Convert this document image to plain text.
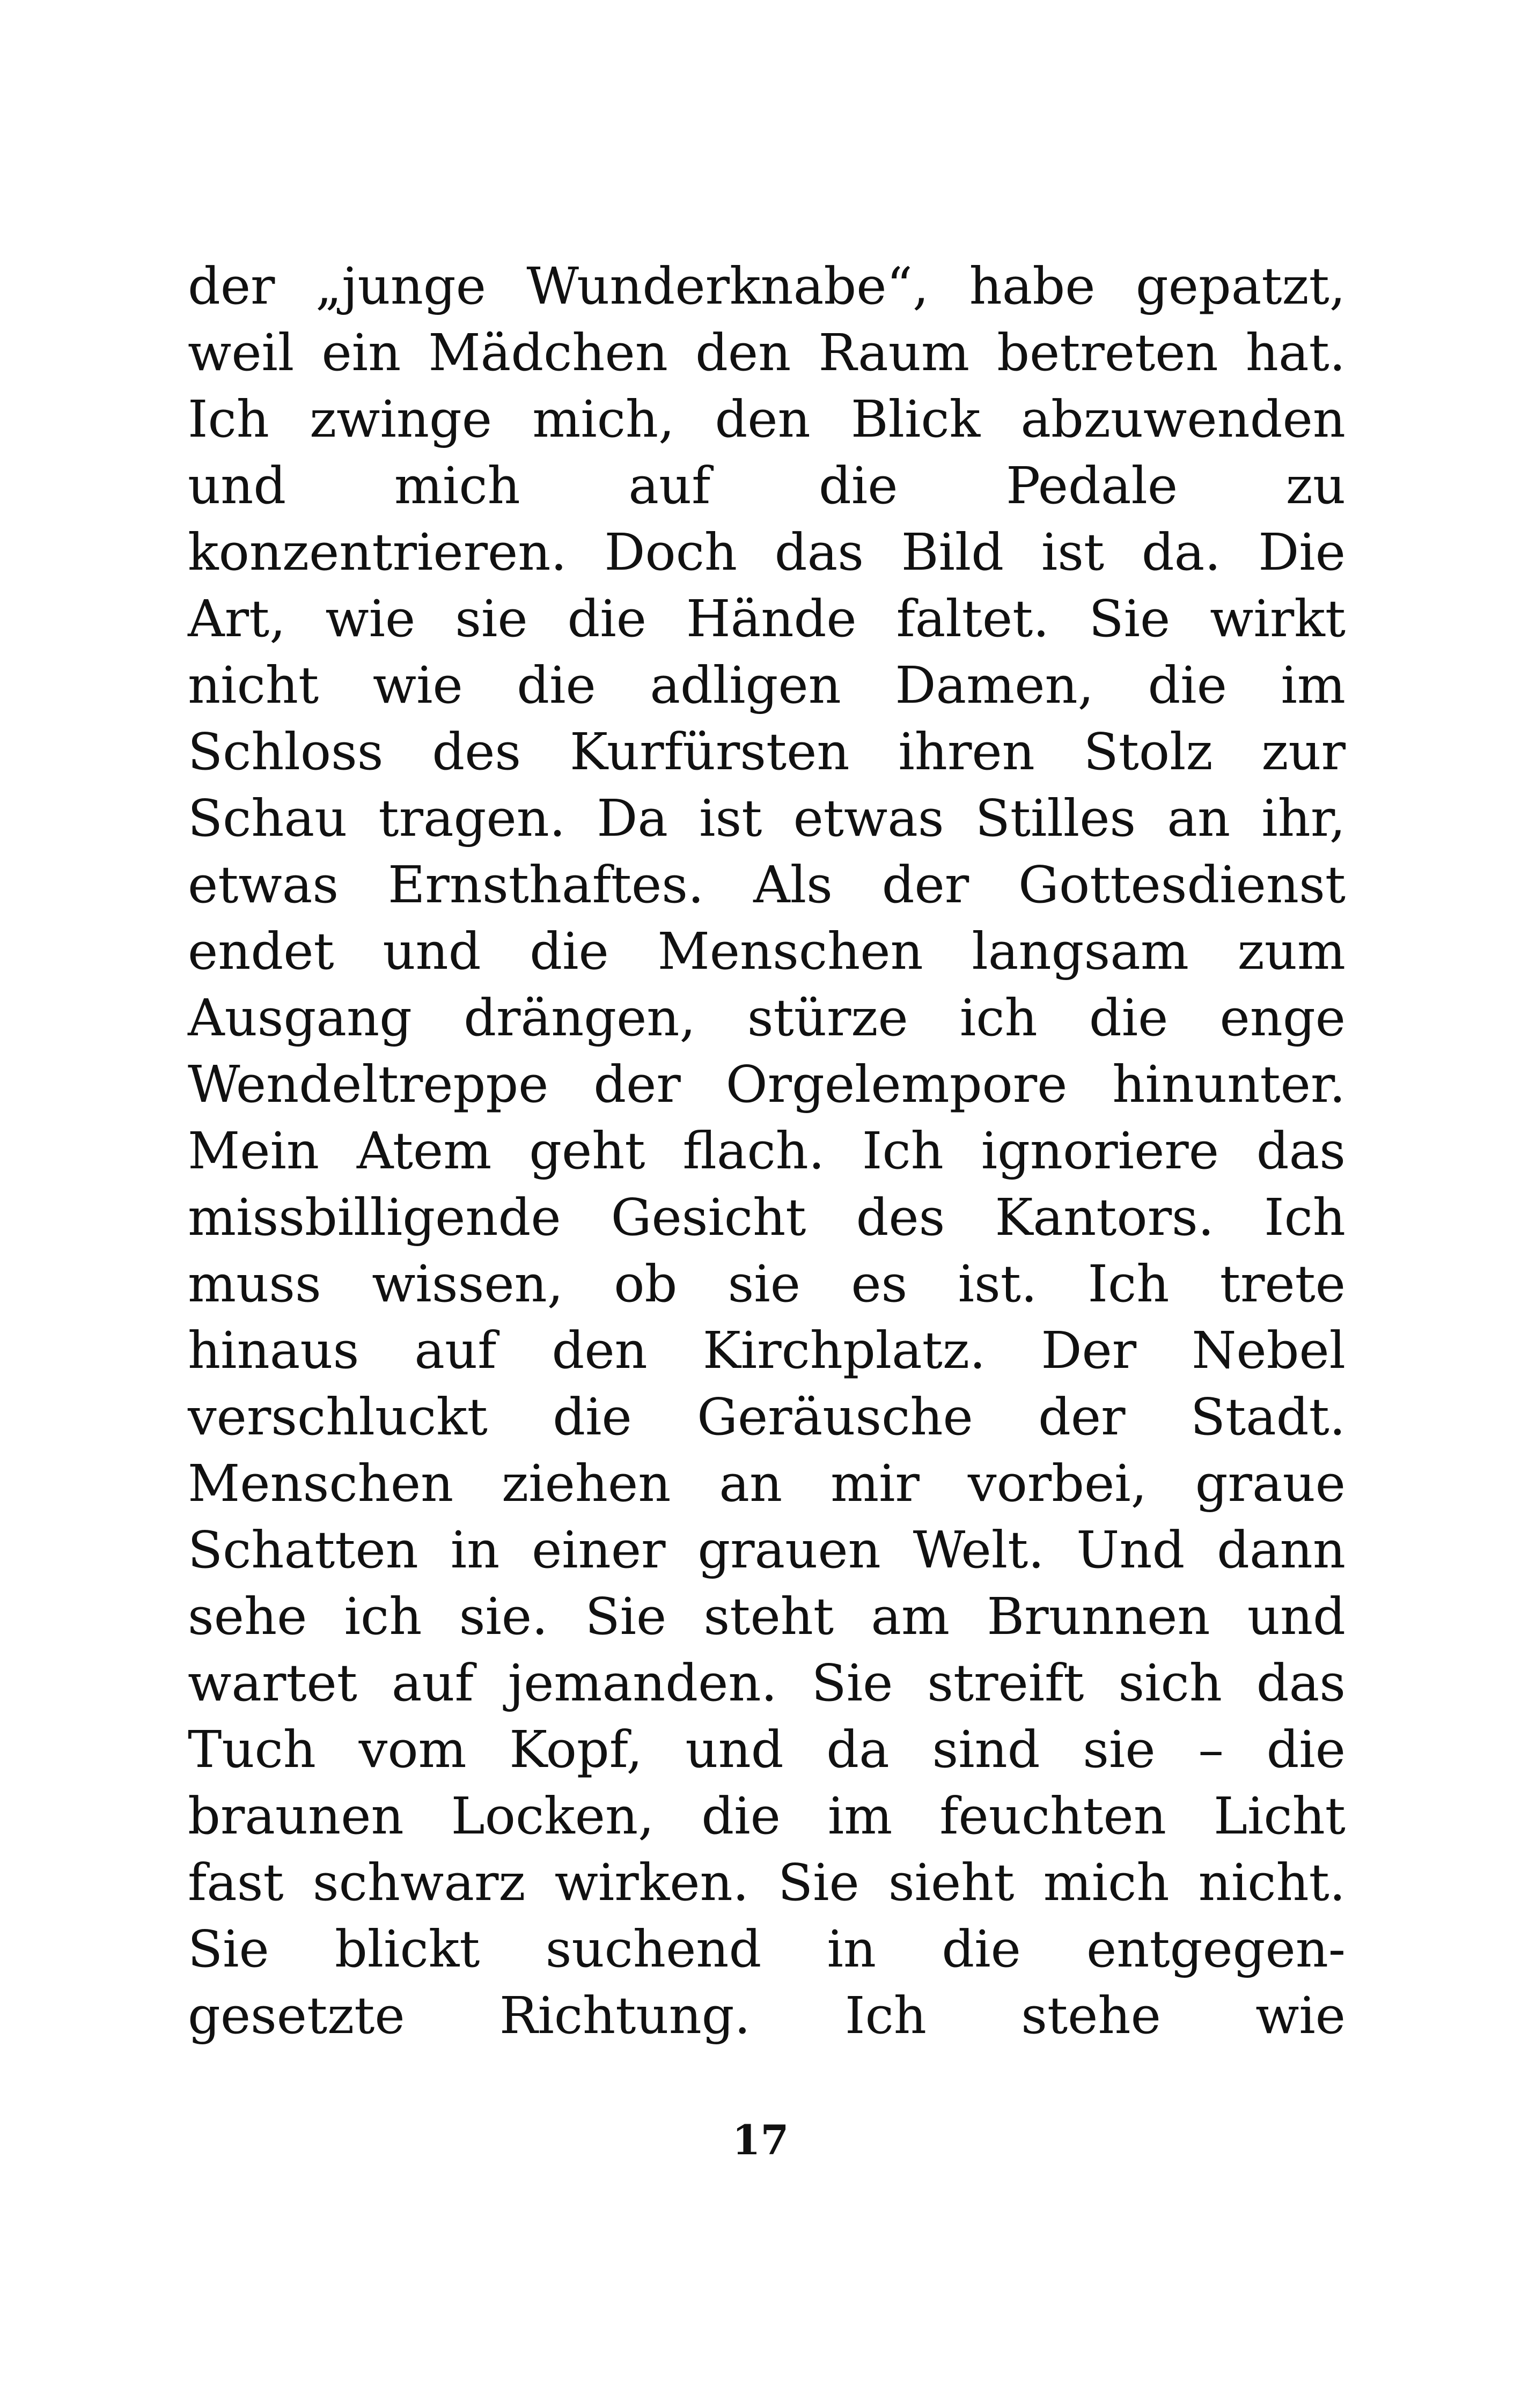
der „junge Wunderknabe“, habe gepatzt,
weil ein Mädchen den Raum betreten hat.
Ich zwinge mich, den Blick abzuwenden
und mich auf die Pedale zu
konzentrieren. Doch das Bild ist da. Die
Art, wie sie die Hände faltet. Sie wirkt
nicht wie die adligen Damen, die im
Schloss des Kurfürsten ihren Stolz zur
Schau tragen. Da ist etwas Stilles an ihr,
etwas Ernsthaftes. Als der Gottesdienst
endet und die Menschen langsam zum
Ausgang drängen, stürze ich die enge
Wendeltreppe der Orgelempore hinunter.
Mein Atem geht flach. Ich ignoriere das
missbilligende Gesicht des Kantors. Ich
muss wissen, ob sie es ist. Ich trete
hinaus auf den Kirchplatz. Der Nebel
verschluckt die Geräusche der Stadt.
Menschen ziehen an mir vorbei, graue
Schatten in einer grauen Welt. Und dann
sehe ich sie. Sie steht am Brunnen und
wartet auf jemanden. Sie streift sich das
Tuch vom Kopf, und da sind sie – die
braunen Locken, die im feuchten Licht
fast schwarz wirken. Sie sieht mich nicht.
Sie blickt suchend in die entgegen-
gesetzte Richtung. Ich stehe wie
17
